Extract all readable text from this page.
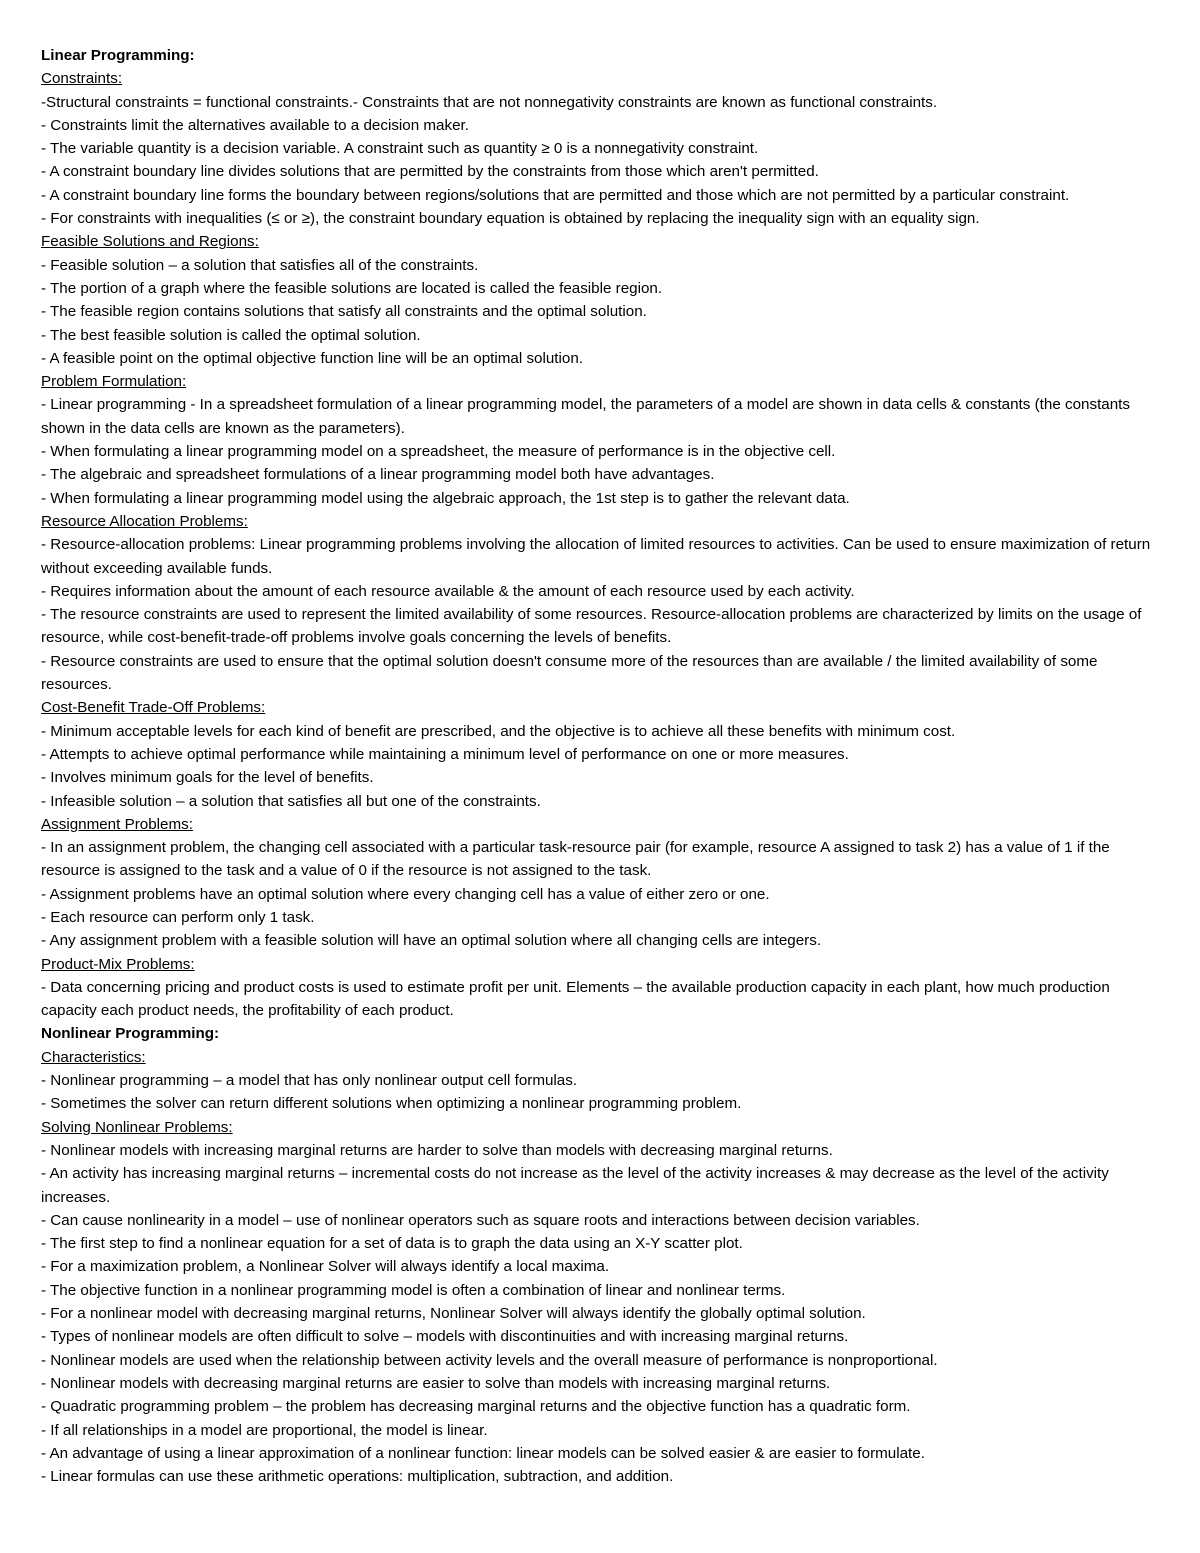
Linear Programming:
Constraints:
-Structural constraints = functional constraints.- Constraints that are not nonnegativity constraints are known as functional constraints.
- Constraints limit the alternatives available to a decision maker.
- The variable quantity is a decision variable. A constraint such as quantity ≥ 0 is a nonnegativity constraint.
- A constraint boundary line divides solutions that are permitted by the constraints from those which aren't permitted.
- A constraint boundary line forms the boundary between regions/solutions that are permitted and those which are not permitted by a particular constraint.
- For constraints with inequalities (≤ or ≥), the constraint boundary equation is obtained by replacing the inequality sign with an equality sign.
Feasible Solutions and Regions:
- Feasible solution – a solution that satisfies all of the constraints.
- The portion of a graph where the feasible solutions are located is called the feasible region.
- The feasible region contains solutions that satisfy all constraints and the optimal solution.
- The best feasible solution is called the optimal solution.
- A feasible point on the optimal objective function line will be an optimal solution.
Problem Formulation:
- Linear programming - In a spreadsheet formulation of a linear programming model, the parameters of a model are shown in data cells & constants (the constants shown in the data cells are known as the parameters).
- When formulating a linear programming model on a spreadsheet, the measure of performance is in the objective cell.
- The algebraic and spreadsheet formulations of a linear programming model both have advantages.
- When formulating a linear programming model using the algebraic approach, the 1st step is to gather the relevant data.
Resource Allocation Problems:
- Resource-allocation problems: Linear programming problems involving the allocation of limited resources to activities. Can be used to ensure maximization of return without exceeding available funds.
- Requires information about the amount of each resource available & the amount of each resource used by each activity.
- The resource constraints are used to represent the limited availability of some resources. Resource-allocation problems are characterized by limits on the usage of resource, while cost-benefit-trade-off problems involve goals concerning the levels of benefits.
- Resource constraints are used to ensure that the optimal solution doesn't consume more of the resources than are available / the limited availability of some resources.
Cost-Benefit Trade-Off Problems:
- Minimum acceptable levels for each kind of benefit are prescribed, and the objective is to achieve all these benefits with minimum cost.
- Attempts to achieve optimal performance while maintaining a minimum level of performance on one or more measures.
- Involves minimum goals for the level of benefits.
- Infeasible solution – a solution that satisfies all but one of the constraints.
Assignment Problems:
- In an assignment problem, the changing cell associated with a particular task-resource pair (for example, resource A assigned to task 2) has a value of 1 if the resource is assigned to the task and a value of 0 if the resource is not assigned to the task.
- Assignment problems have an optimal solution where every changing cell has a value of either zero or one.
- Each resource can perform only 1 task.
- Any assignment problem with a feasible solution will have an optimal solution where all changing cells are integers.
Product-Mix Problems:
- Data concerning pricing and product costs is used to estimate profit per unit. Elements – the available production capacity in each plant, how much production capacity each product needs, the profitability of each product.
Nonlinear Programming:
Characteristics:
- Nonlinear programming – a model that has only nonlinear output cell formulas.
- Sometimes the solver can return different solutions when optimizing a nonlinear programming problem.
Solving Nonlinear Problems:
- Nonlinear models with increasing marginal returns are harder to solve than models with decreasing marginal returns.
- An activity has increasing marginal returns – incremental costs do not increase as the level of the activity increases & may decrease as the level of the activity increases.
- Can cause nonlinearity in a model – use of nonlinear operators such as square roots and interactions between decision variables.
- The first step to find a nonlinear equation for a set of data is to graph the data using an X-Y scatter plot.
- For a maximization problem, a Nonlinear Solver will always identify a local maxima.
- The objective function in a nonlinear programming model is often a combination of linear and nonlinear terms.
- For a nonlinear model with decreasing marginal returns, Nonlinear Solver will always identify the globally optimal solution.
- Types of nonlinear models are often difficult to solve – models with discontinuities and with increasing marginal returns.
- Nonlinear models are used when the relationship between activity levels and the overall measure of performance is nonproportional.
- Nonlinear models with decreasing marginal returns are easier to solve than models with increasing marginal returns.
- Quadratic programming problem – the problem has decreasing marginal returns and the objective function has a quadratic form.
- If all relationships in a model are proportional, the model is linear.
- An advantage of using a linear approximation of a nonlinear function: linear models can be solved easier & are easier to formulate.
- Linear formulas can use these arithmetic operations: multiplication, subtraction, and addition.
